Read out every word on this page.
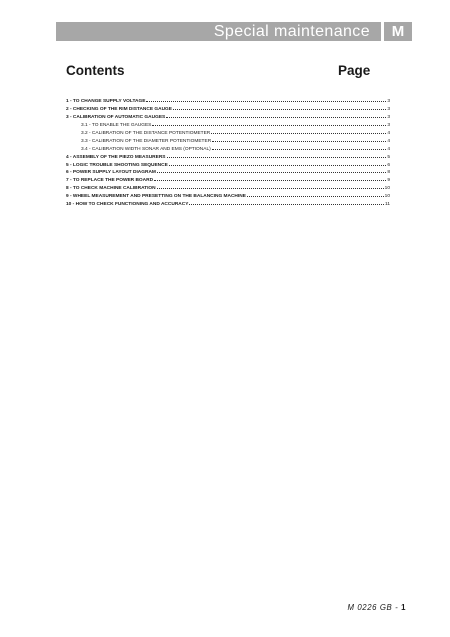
Special maintenance	M
Contents	Page
1 - TO CHANGE SUPPLY VOLTAGE	3
2 - CHECKING OF THE RIM DISTANCE GAUGE	3
3 - CALIBRATION OF AUTOMATIC GAUGES	3
3.1 - TO ENABLE THE GAUGES	3
3.2 - CALIBRATION OF THE DISTANCE POTENTIOMETER	4
3.3 - CALIBRATION OF THE DIAMETER POTENTIOMETER	4
3.4 - CALIBRATION WIDTH SONAR AND EMS (OPTIONAL)	4
4 - ASSEMBLY OF THE PIEZO MEASURERS	5
5 - LOGIC TROUBLE SHOOTING SEQUENCE	6
6 - POWER SUPPLY LAYOUT DIAGRAM	8
7 - TO REPLACE THE POWER BOARD	9
8 - TO CHECK MACHINE CALIBRATION	10
9 - WHEEL MEASUREMENT AND PRESETTING ON THE BALANCING MACHINE	10
10 - HOW TO CHECK FUNCTIONING AND ACCURACY	11
M 0226 GB - 1
